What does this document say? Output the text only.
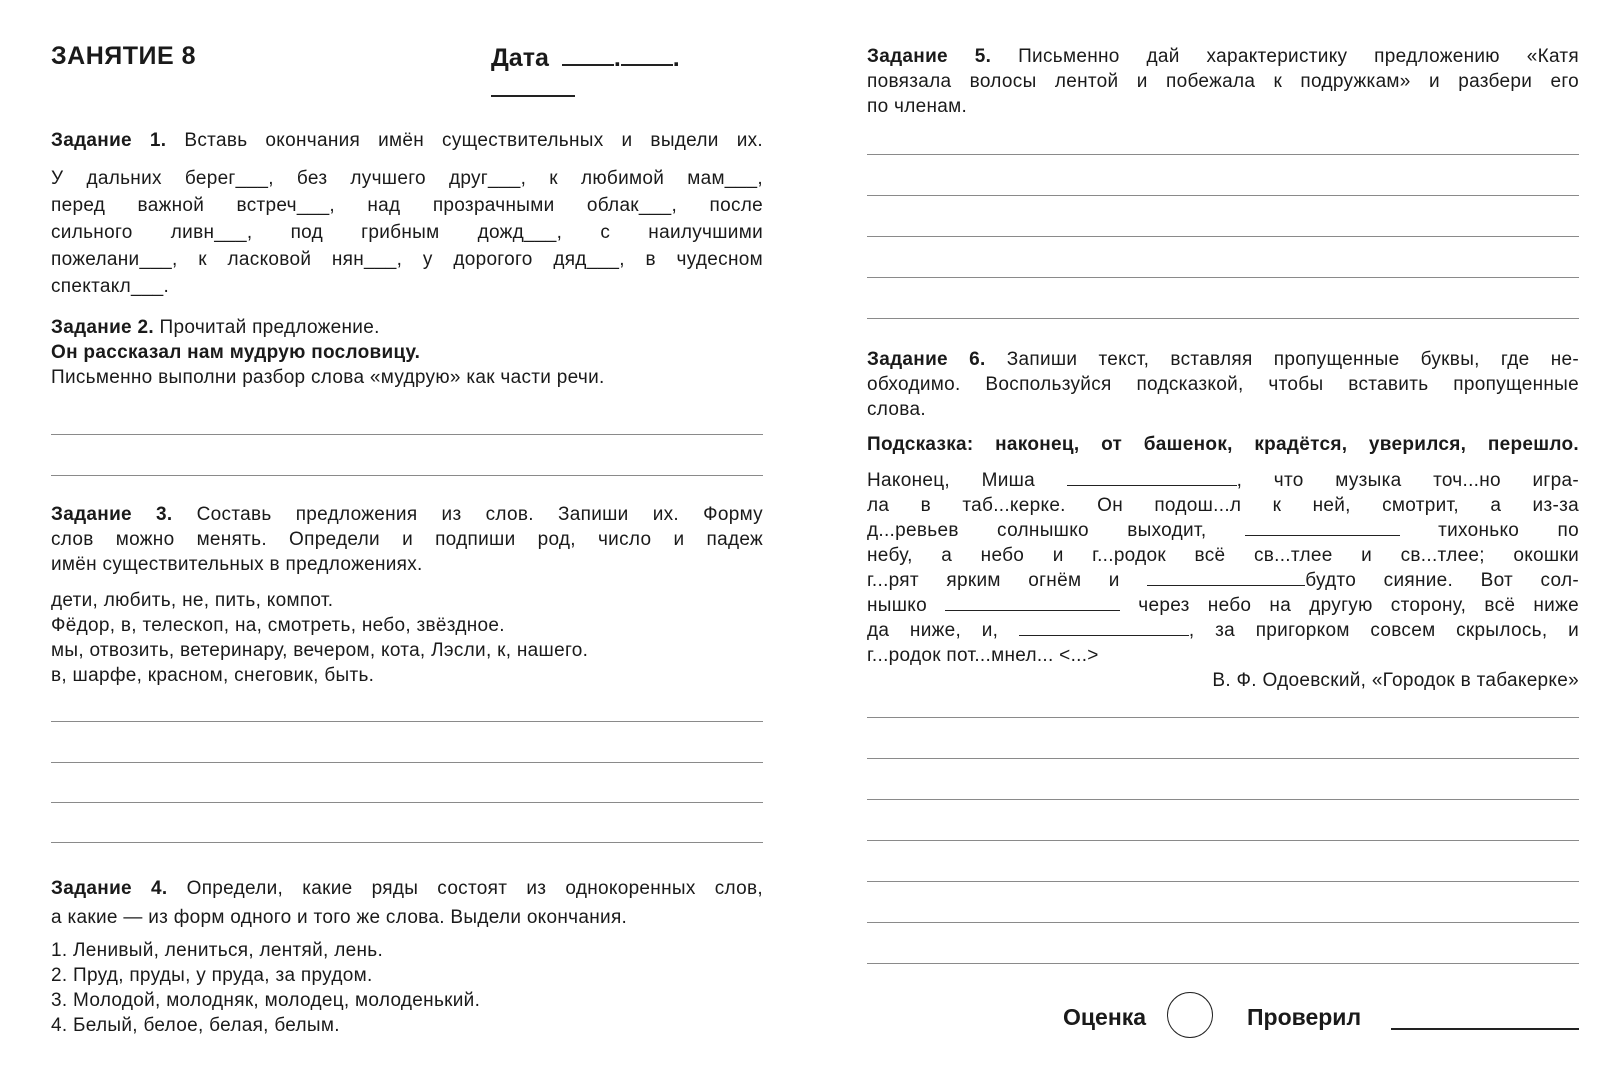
ЗАНЯТИЕ 8	Дата	. .

Задание 1. Вставь окончания имён существительных и выдели их.

У дальних берег___, без лучшего друг___, к любимой мам___,

перед важной встреч___, над прозрачными облак___, после

сильного ливн___, под грибным дожд___, с наилучшими

пожелани___, к ласковой нян___, у дорогого дяд___, в чудесном

спектакл___.

Задание 2. Прочитай предложение.

Он рассказал нам мудрую пословицу.

Письменно выполни разбор слова «мудрую» как части речи.

Задание 3. Составь предложения из слов. Запиши их. Форму

слов можно менять. Определи и подпиши род, число и падеж

имён существительных в предложениях.

дети, любить, не, пить, компот.

Фёдор, в, телескоп, на, смотреть, небо, звёздное.

мы, отвозить, ветеринару, вечером, кота, Лэсли, к, нашего.

в, шарфе, красном, снеговик, быть.

Задание 4. Определи, какие ряды состоят из однокоренных слов,

а какие — из форм одного и того же слова. Выдели окончания.

1. Ленивый, лениться, лентяй, лень.

2. Пруд, пруды, у пруда, за прудом.

3. Молодой, молодняк, молодец, молоденький.

4. Белый, белое, белая, белым.

Задание 5. Письменно дай характеристику предложению «Катя

повязала волосы лентой и побежала к подружкам» и разбери его

по членам.

Задание 6. Запиши текст, вставляя пропущенные буквы, где не-

обходимо. Воспользуйся подсказкой, чтобы вставить пропущенные

слова.

Подсказка: наконец, от башенок, крадётся, уверился, перешло.

Наконец, Миша	, что музыка точ...но игра-

ла в таб...керке. Он подош...л к ней, смотрит, а из-за

д...ревьев солнышко выходит,	тихонько по

небу, а небо и г...родок всё св...тлее и св...тлее; окошки

г...рят ярким огнём и	будто сияние. Вот сол-

нышко	через небо на другую сторону, всё ниже

да ниже, и,	, за пригорком совсем скрылось, и

г...родок пот...мнел... <...>

В. Ф. Одоевский, «Городок в табакерке»

Оценка	Проверил
